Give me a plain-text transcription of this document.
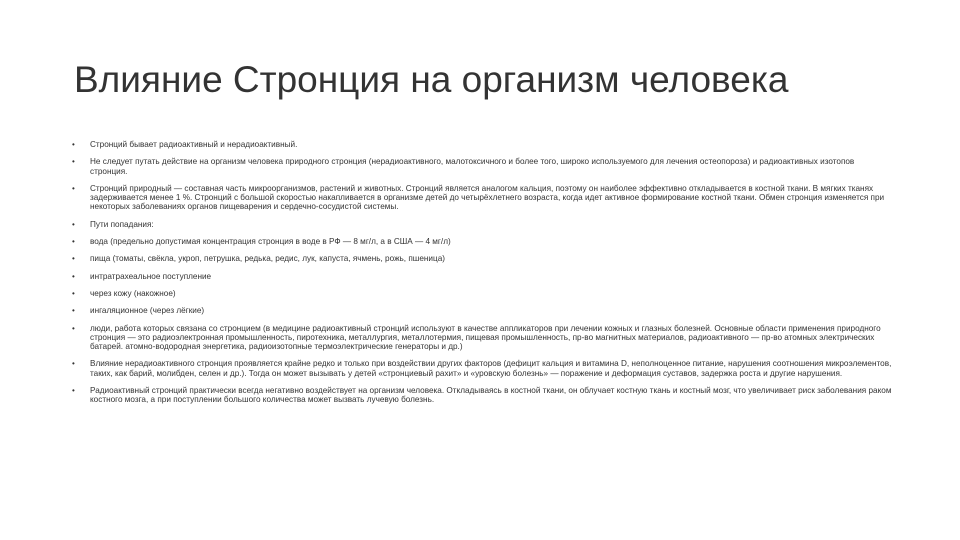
Влияние Стронция на организм человека
• Стронций бывает радиоактивный и нерадиоактивный.
• Не следует путать действие на организм человека природного стронция (нерадиоактивного, малотоксичного и более того, широко используемого для лечения остеопороза) и радиоактивных изотопов стронция.
• Стронций природный — составная часть микроорганизмов, растений и животных. Стронций является аналогом кальция, поэтому он наиболее эффективно откладывается в костной ткани. В мягких тканях задерживается менее 1 %. Стронций с большой скоростью накапливается в организме детей до четырёхлетнего возраста, когда идет активное формирование костной ткани. Обмен стронция изменяется при некоторых заболеваниях органов пищеварения и сердечно-сосудистой системы.
• Пути попадания:
• вода (предельно допустимая концентрация стронция в воде в РФ — 8 мг/л, а в США — 4 мг/л)
• пища (томаты, свёкла, укроп, петрушка, редька, редис, лук, капуста, ячмень, рожь, пшеница)
• интратрахеальное поступление
• через кожу (накожное)
• ингаляционное (через лёгкие)
• люди, работа которых связана со стронцием (в медицине радиоактивный стронций используют в качестве аппликаторов при лечении кожных и глазных болезней. Основные области применения природного стронция — это радиоэлектронная промышленность, пиротехника, металлургия, металлотермия, пищевая промышленность, пр-во магнитных материалов, радиоактивного — пр-во атомных электрических батарей. атомно-водородная энергетика, радиоизотопные термоэлектрические генераторы и др.)
• Влияние нерадиоактивного стронция проявляется крайне редко и только при воздействии других факторов (дефицит кальция и витамина D, неполноценное питание, нарушения соотношения микроэлементов, таких, как барий, молибден, селен и др.). Тогда он может вызывать у детей «стронциевый рахит» и «уровскую болезнь» — поражение и деформация суставов, задержка роста и другие нарушения.
• Радиоактивный стронций практически всегда негативно воздействует на организм человека. Откладываясь в костной ткани, он облучает костную ткань и костный мозг, что увеличивает риск заболевания раком костного мозга, а при поступлении большого количества может вызвать лучевую болезнь.
